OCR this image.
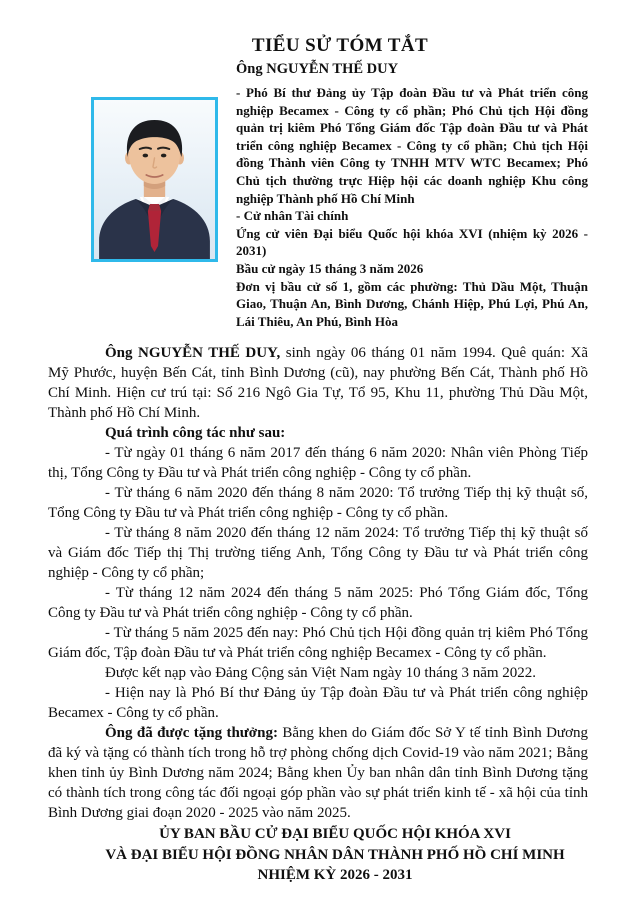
TIỂU SỬ TÓM TẮT
Ông NGUYỄN THẾ DUY

- Phó Bí thư Đảng ủy Tập đoàn Đầu tư và Phát triển công nghiệp Becamex - Công ty cổ phần; Phó Chủ tịch Hội đồng quản trị kiêm Phó Tổng Giám đốc Tập đoàn Đầu tư và Phát triển công nghiệp Becamex - Công ty cổ phần; Chủ tịch Hội đồng Thành viên Công ty TNHH MTV WTC Becamex; Phó Chủ tịch thường trực Hiệp hội các doanh nghiệp Khu công nghiệp Thành phố Hồ Chí Minh

- Cử nhân Tài chính

Ứng cử viên Đại biểu Quốc hội khóa XVI (nhiệm kỳ 2026 - 2031)

Bầu cử ngày 15 tháng 3 năm 2026

Đơn vị bầu cử số 1, gồm các phường: Thủ Dầu Một, Thuận Giao, Thuận An, Bình Dương, Chánh Hiệp, Phú Lợi, Phú An, Lái Thiêu, An Phú, Bình Hòa

Ông NGUYỄN THẾ DUY, sinh ngày 06 tháng 01 năm 1994. Quê quán: Xã Mỹ Phước, huyện Bến Cát, tỉnh Bình Dương (cũ), nay phường Bến Cát, Thành phố Hồ Chí Minh. Hiện cư trú tại: Số 216 Ngô Gia Tự, Tổ 95, Khu 11, phường Thủ Dầu Một, Thành phố Hồ Chí Minh.

Quá trình công tác như sau:

- Từ ngày 01 tháng 6 năm 2017 đến tháng 6 năm 2020: Nhân viên Phòng Tiếp thị, Tổng Công ty Đầu tư và Phát triển công nghiệp - Công ty cổ phần.

- Từ tháng 6 năm 2020 đến tháng 8 năm 2020: Tổ trưởng Tiếp thị kỹ thuật số, Tổng Công ty Đầu tư và Phát triển công nghiệp - Công ty cổ phần.

- Từ tháng 8 năm 2020 đến tháng 12 năm 2024: Tổ trưởng Tiếp thị kỹ thuật số và Giám đốc Tiếp thị Thị trường tiếng Anh, Tổng Công ty Đầu tư và Phát triển công nghiệp - Công ty cổ phần;

- Từ tháng 12 năm 2024 đến tháng 5 năm 2025: Phó Tổng Giám đốc, Tổng Công ty Đầu tư và Phát triển công nghiệp - Công ty cổ phần.

- Từ tháng 5 năm 2025 đến nay: Phó Chủ tịch Hội đồng quản trị kiêm Phó Tổng Giám đốc, Tập đoàn Đầu tư và Phát triển công nghiệp Becamex - Công ty cổ phần.

Được kết nạp vào Đảng Cộng sản Việt Nam ngày 10 tháng 3 năm 2022.

- Hiện nay là Phó Bí thư Đảng ủy Tập đoàn Đầu tư và Phát triển công nghiệp Becamex - Công ty cổ phần.

Ông đã được tặng thưởng: Bằng khen do Giám đốc Sở Y tế tỉnh Bình Dương đã ký và tặng có thành tích trong hỗ trợ phòng chống dịch Covid-19 vào năm 2021; Bằng khen tỉnh ủy Bình Dương năm 2024; Bằng khen Ủy ban nhân dân tỉnh Bình Dương tặng có thành tích trong công tác đối ngoại góp phần vào sự phát triển kinh tế - xã hội của tỉnh Bình Dương giai đoạn 2020 - 2025 vào năm 2025.

ỦY BAN BẦU CỬ ĐẠI BIỂU QUỐC HỘI KHÓA XVI

VÀ ĐẠI BIỂU HỘI ĐỒNG NHÂN DÂN THÀNH PHỐ HỒ CHÍ MINH

NHIỆM KỲ 2026 - 2031
